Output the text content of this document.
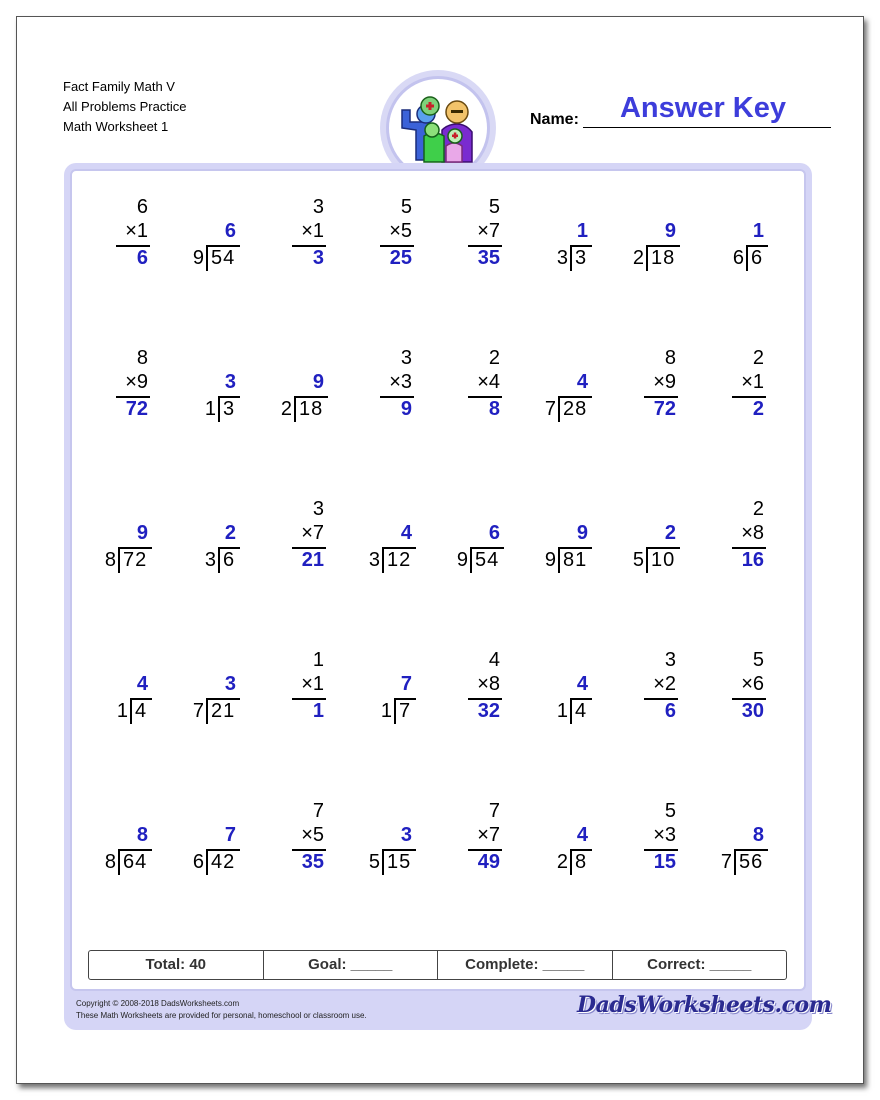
Fact Family Math V
All Problems Practice
Math Worksheet 1
Answer Key
Name:
6
×1
6
6
9 54
3
×1
3
5
×5
25
5
×7
35
1
3 3
9
2 18
1
6 6
8
×9
72
3
1 3
9
2 18
3
×3
9
2
×4
8
4
7 28
8
×9
72
2
×1
2
9
8 72
2
3 6
3
×7
21
4
3 12
6
9 54
9
9 81
2
5 10
2
×8
16
4
1 4
3
7 21
1
×1
1
7
1 7
4
×8
32
4
1 4
3
×2
6
5
×6
30
8
8 64
7
6 42
7
×5
35
3
5 15
7
×7
49
4
2 8
5
×3
15
8
7 56
Total: 40	Goal: _____	Complete: _____	Correct: _____
Copyright © 2008-2018 DadsWorksheets.com
These Math Worksheets are provided for personal, homeschool or classroom use.	DadsWorksheets.com
